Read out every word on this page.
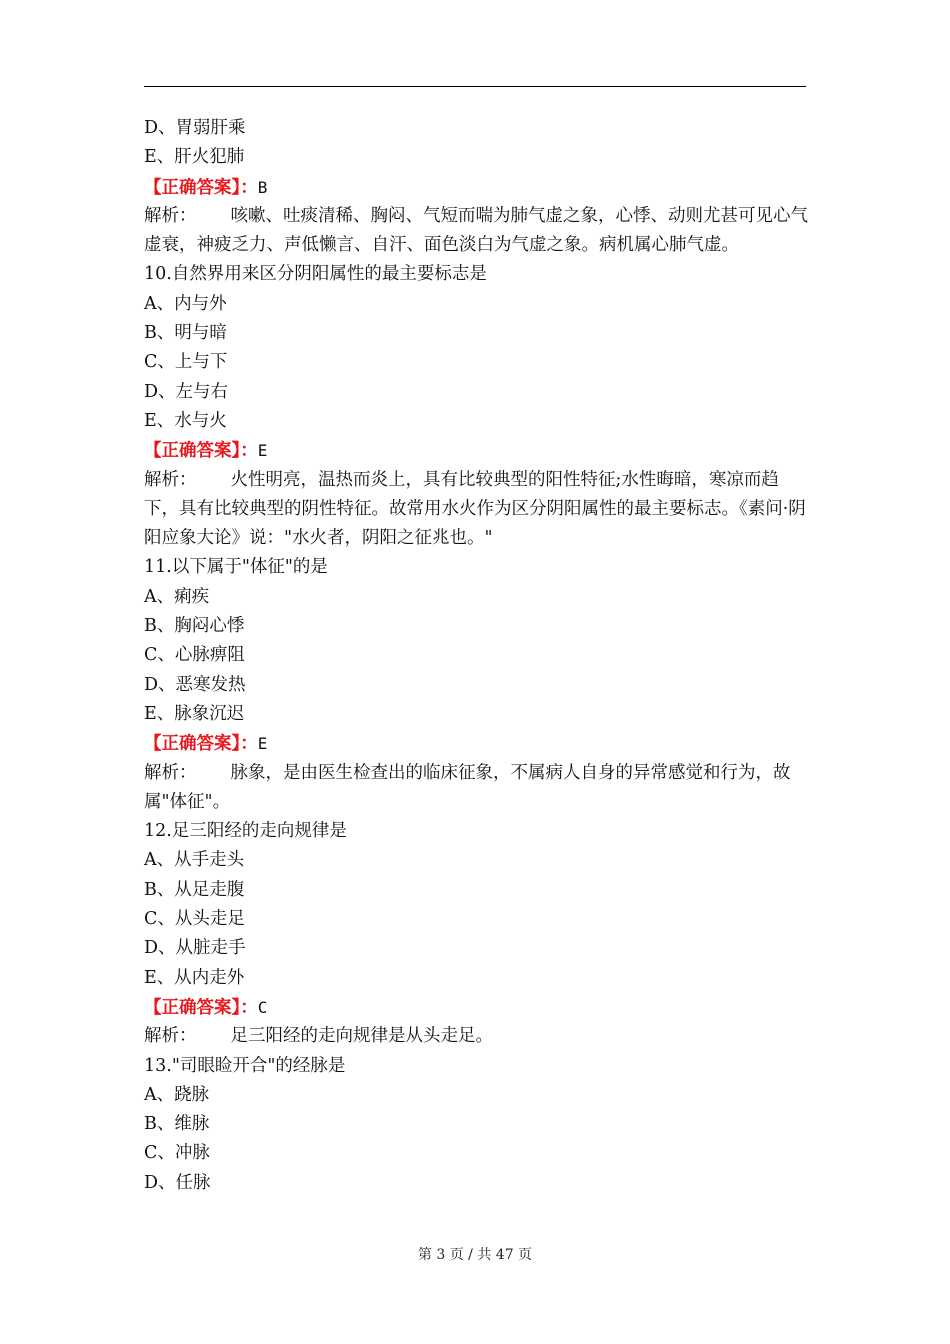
D、胃弱肝乘
E、肝火犯肺
【正确答案】：B
解析： 咳嗽、吐痰清稀、胸闷、气短而喘为肺气虚之象，心悸、动则尤甚可见心气虚衰，神疲乏力、声低懒言、自汗、面色淡白为气虚之象。病机属心肺气虚。
10.自然界用来区分阴阳属性的最主要标志是
A、内与外
B、明与暗
C、上与下
D、左与右
E、水与火
【正确答案】：E
解析： 火性明亮，温热而炎上，具有比较典型的阳性特征;水性晦暗，寒凉而趋下，具有比较典型的阴性特征。故常用水火作为区分阴阳属性的最主要标志。《素问·阴阳应象大论》说："水火者，阴阳之征兆也。"
11.以下属于"体征"的是
A、痢疾
B、胸闷心悸
C、心脉痹阻
D、恶寒发热
E、脉象沉迟
【正确答案】：E
解析： 脉象，是由医生检查出的临床征象，不属病人自身的异常感觉和行为，故属"体征"。
12.足三阳经的走向规律是
A、从手走头
B、从足走腹
C、从头走足
D、从脏走手
E、从内走外
【正确答案】：C
解析： 足三阳经的走向规律是从头走足。
13."司眼睑开合"的经脉是
A、跷脉
B、维脉
C、冲脉
D、任脉
第 3 页 / 共 47 页
